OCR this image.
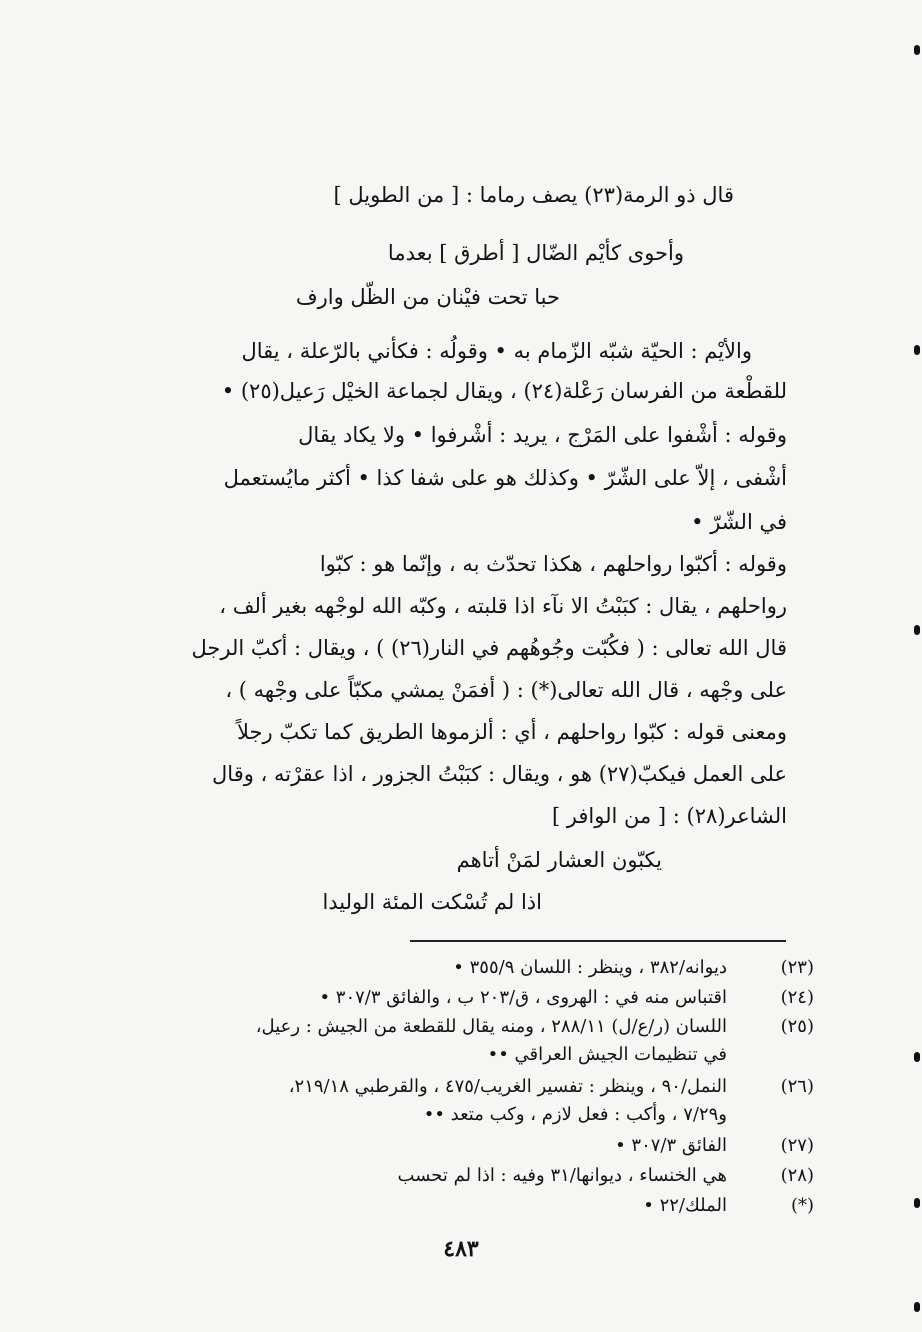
قال ذو الرمة(٢٣) يصف رماما : [ من الطويل ]
وأحوى كأيْم الضّال [ أطرق ] بعدما
حبا تحت فيْنان من الظّل وارف
والأيْم : الحيّة شبّه الزّمام به • وقولُه : فكأني بالرّعلة ، يقال
للقطْعة من الفرسان رَعْلة(٢٤) ، ويقال لجماعة الخيْل رَعيل(٢٥) •
وقوله : أشْفوا على المَرْج ، يريد : أشْرفوا • ولا يكاد يقال
أشْفى ، إلاّ على الشّرّ • وكذلك هو على شفا كذا • أكثر مايُستعمل
في الشّرّ •
وقوله : أكبّوا رواحلهم ، هكذا تحدّث به ، وإنّما هو : كبّوا
رواحلهم ، يقال : كبَبْتُ الا نآء اذا قلبته ، وكبّه الله لوجْهه بغير ألف ،
قال الله تعالى : ( فكُبّت وجُوهُهم في النار(٢٦) ) ، ويقال : أكبّ الرجل
على وجْهه ، قال الله تعالى(*) : ( أفمَنْ يمشي مكبّاً على وجْهه ) ،
ومعنى قوله : كبّوا رواحلهم ، أي : ألزموها الطريق كما تكبّ رجلاً
على العمل فيكبّ(٢٧) هو ، ويقال : كبَبْتُ الجزور ، اذا عقرْته ، وقال
الشاعر(٢٨) : [ من الوافر ]
يكبّون العشار لمَنْ أتاهم
اذا لم تُسْكت المئة الوليدا
(٢٣)
ديوانه/٣٨٢ ، وينظر : اللسان ٣٥٥/٩ •
(٢٤)
اقتباس منه في : الهروى ، ق/٢٠٣ ب ، والفائق ٣٠٧/٣ •
(٢٥)
اللسان (ر/ع/ل) ٢٨٨/١١ ، ومنه يقال للقطعة من الجيش : رعيل،
في تنظيمات الجيش العراقي ••
(٢٦)
النمل/٩٠ ، وينظر : تفسير الغريب/٤٧٥ ، والقرطبي ٢١٩/١٨،
و٧/٢٩ ، وأكب : فعل لازم ، وكب متعد ••
(٢٧)
الفائق ٣٠٧/٣ •
(٢٨)
هي الخنساء ، ديوانها/٣١ وفيه : اذا لم تحسب
(*)
الملك/٢٢ •
٤٨٣
